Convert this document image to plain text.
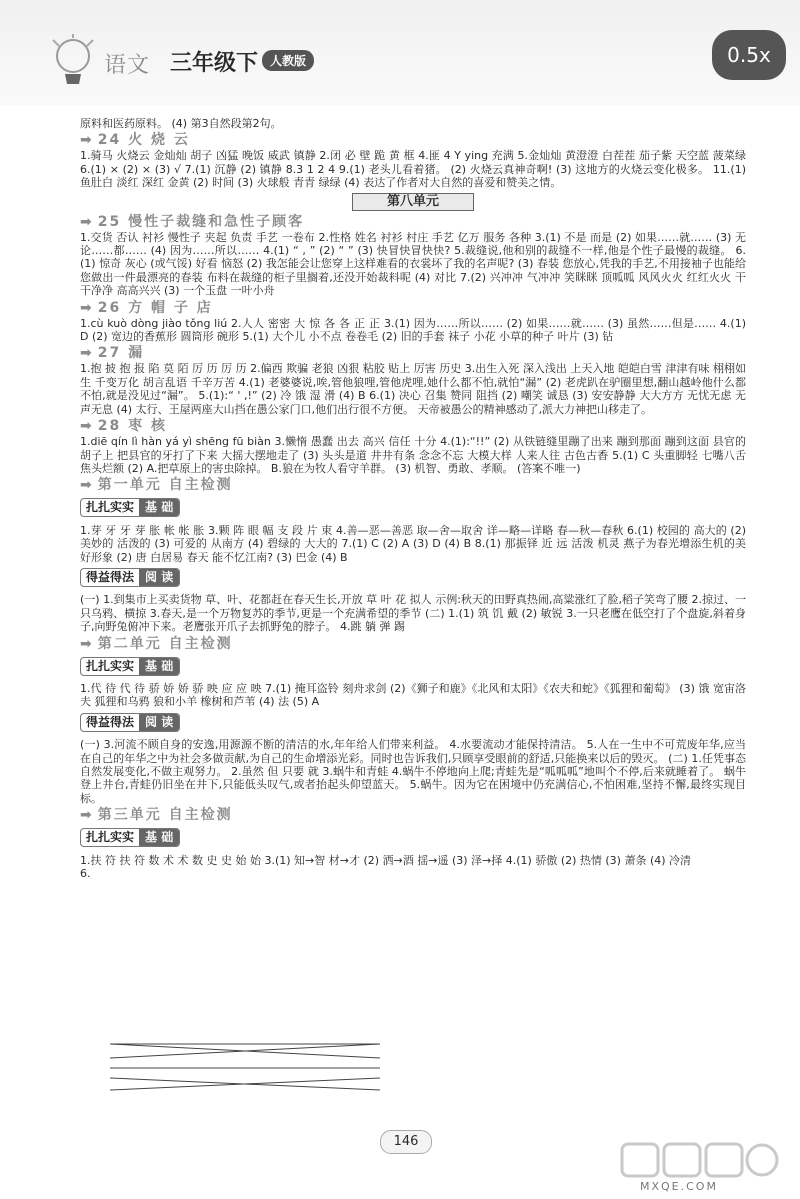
语文 三年级下 人教版	0.5x

原料和医药原料。 (4) 第3自然段第2句。

➡ 24 火 烧 云

1.骑马 火烧云 金灿灿 胡子 凶猛 晚饭 威武 镇静 2.闭 必 壁 跪 黄 框 4.匪 4 Y ying 充满 5.金灿灿 黄澄澄 白茬茬 茄子紫 天空蓝 菠菜绿 6.(1) × (2) × (3) √ 7.(1) 沉静 (2) 镇静 8.3 1 2 4 9.(1) 老头儿看着猪。 (2) 火烧云真神奇啊! (3) 这地方的火烧云变化极多。 11.(1) 鱼肚白 淡红 深红 金黄 (2) 时间 (3) 火球般 青青 绿绿 (4) 表达了作者对大自然的喜爱和赞美之情。

第八单元
➡ 25 慢性子裁缝和急性子顾客

1.交货 否认 衬衫 慢性子 夹起 负责 手艺 一卷布 2.性格 姓名 衬衫 村庄 手艺 亿万 服务 各种 3.(1) 不是 而是 (2) 如果……就…… (3) 无论……都…… (4) 因为……所以…… 4.(1) “ , ” (2) “ ” (3) 快冒快冒快快? 5.裁缝说,他和别的裁缝不一样,他是个性子最慢的裁缝。 6.(1) 惊奇 灰心 (或气馁) 好看 恼怒 (2) 我怎能会让您穿上这样难看的衣裳坏了我的名声呢? (3) 春装 您放心,凭我的手艺,不用接袖子也能给您做出一件最漂亮的春装 布料在裁缝的柜子里搁着,还没开始裁料呢 (4) 对比 7.(2) 兴冲冲 气冲冲 笑眯眯 顶呱呱 风风火火 红红火火 干干净净 高高兴兴 (3) 一个玉盘 一叶小舟

➡ 26 方 帽 子 店

1.cù kuò dòng jiào tǒng liú 2.人人 密密 大 惊 各 各 正 正 3.(1) 因为……所以…… (2) 如果……就…… (3) 虽然……但是…… 4.(1) D (2) 宽边的香蕉形 圆筒形 碗形 5.(1) 大个儿 小不点 卷卷毛 (2) 旧的手套 袜子 小花 小草的种子 叶片 (3) 钻

➡ 27 漏

1.抱 披 抱 报 陷 莫 陌 厉 历 厉 历 2.偏西 欺骗 老狼 凶狠 粘胶 贴上 厉害 历史 3.出生入死 深入浅出 上天入地 皑皑白雪 津津有味 栩栩如生 千变万化 胡言乱语 千辛万苦 4.(1) 老婆婆说,唉,管他狼哩,管他虎哩,她什么都不怕,就怕“漏” (2) 老虎趴在驴圈里想,翻山越岭他什么都不怕,就是没见过“漏”。 5.(1):“ ' ,!” (2) 冷 饿 湿 滑 (4) B 6.(1) 决心 召集 赞同 阻挡 (2) 嘲笑 诚恳 (3) 安安静静 大大方方 无忧无虑 无声无息 (4) 太行、王屋两座大山挡在愚公家门口,他们出行很不方便。 天帝被愚公的精神感动了,派大力神把山移走了。

➡ 28 枣 核

1.diē qín lì hàn yá yì shēng fū biàn 3.懒惰 愚蠢 出去 高兴 信任 十分 4.(1):“!!” (2) 从铁链缝里蹦了出来 蹦到那面 蹦到这面 县官的胡子上 把县官的牙打了下来 大摇大摆地走了 (3) 头头是道 井井有条 念念不忘 大模大样 人来人往 古色古香 5.(1) C 头重脚轻 七嘴八舌 焦头烂额 (2) A.把草原上的害虫除掉。 B.狼在为牧人看守羊群。 (3) 机智、勇敢、孝顺。 (答案不唯一)

➡ 第一单元 自主检测
扎扎实实 基 础

1.芽 牙 牙 芽 胀 帐 帐 胀 3.颗 阵 眼 幅 支 段 片 束 4.善—恶—善恶 取—舍—取舍 详—略—详略 春—秋—春秋 6.(1) 校园的 高大的 (2) 美妙的 活泼的 (3) 可爱的 从南方 (4) 碧绿的 大大的 7.(1) C (2) A (3) D (4) B 8.(1) 那振铎 近 远 活泼 机灵 燕子为春光增添生机的美好形象 (2) 唐 白居易 春天 能不忆江南? (3) 巴金 (4) B

得益得法 阅 读

(一) 1.到集市上买卖货物 草、叶、花都赶在春天生长,开放 草 叶 花 拟人 示例:秋天的田野真热闹,高粱涨红了脸,稻子笑弯了腰 2.掠过、一只乌鸦、横掠 3.春天,是一个万物复苏的季节,更是一个充满希望的季节 (二) 1.(1) 筑 饥 戴 (2) 敏锐 3.一只老鹰在低空打了个盘旋,斜着身子,向野兔俯冲下来。老鹰张开爪子去抓野兔的脖子。 4.跳 躺 弹 踢

➡ 第二单元 自主检测
扎扎实实 基 础

1.代 待 代 待 骄 娇 娇 骄 映 应 应 映 7.(1) 掩耳盗铃 刻舟求剑 (2)《狮子和鹿》《北风和太阳》《农夫和蛇》《狐狸和葡萄》 (3) 饿 宽宙洛夫 狐狸和乌鸦 狼和小羊 橡树和芦苇 (4) 法 (5) A

得益得法 阅 读

(一) 3.河流不顾自身的安逸,用源源不断的清洁的水,年年给人们带来利益。 4.水要流动才能保持清洁。 5.人在一生中不可荒废年华,应当在自己的年华之中为社会多做贡献,为自己的生命增添光彩。同时也告诉我们,只顾享受眼前的舒适,只能换来以后的毁灭。 (二) 1.任凭事态自然发展变化,不做主观努力。 2.虽然 但 只要 就 3.蜗牛和青蛙 4.蜗牛不停地向上爬;青蛙先是“呱呱呱”地叫个不停,后来就睡着了。 蜗牛登上井台,青蛙仍旧坐在井下,只能低头叹气,或者抬起头仰望蓝天。 5.蜗牛。因为它在困境中仍充满信心,不怕困难,坚持不懈,最终实现目标。

➡ 第三单元 自主检测
扎扎实实 基 础

1.扶 符 扶 符 数 术 术 数 史 史 始 始 3.(1) 知→智 材→才 (2) 洒→酒 揺→遥 (3) 泽→择 4.(1) 骄傲 (2) 热情 (3) 萧条 (4) 冷清

6.

146
MXQE.COM
